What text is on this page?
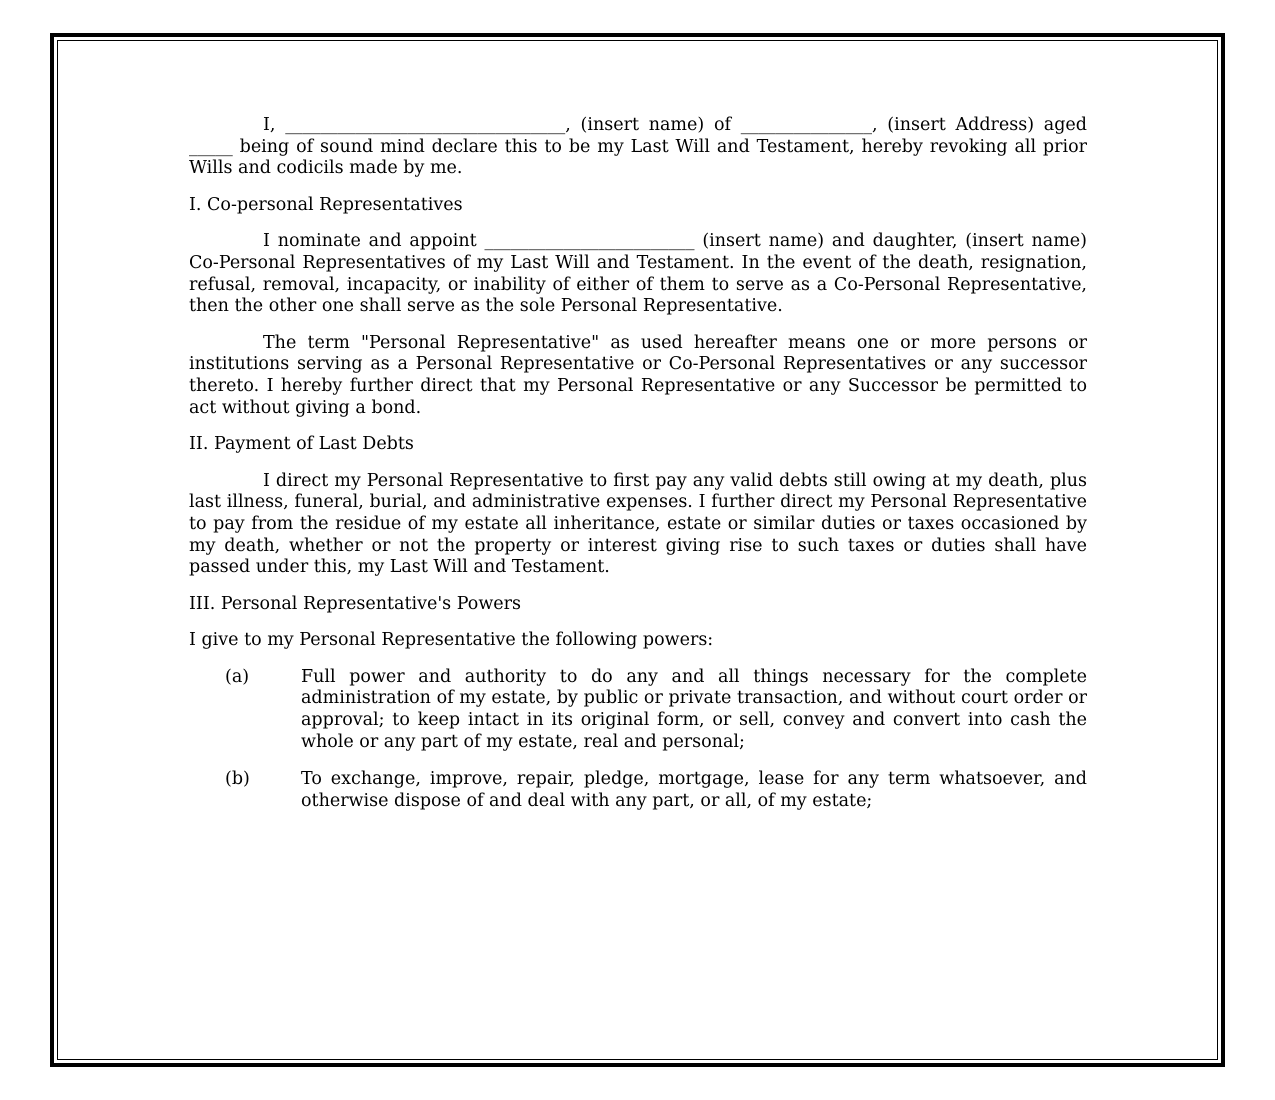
I, ________________________________, (insert name) of _______________, (insert Address) aged _____ being of sound mind declare this to be my Last Will and Testament, hereby revoking all prior Wills and codicils made by me.

I. Co-personal Representatives

I nominate and appoint ________________________ (insert name) and daughter, (insert name) Co-Personal Representatives of my Last Will and Testament. In the event of the death, resignation, refusal, removal, incapacity, or inability of either of them to serve as a Co-Personal Representative, then the other one shall serve as the sole Personal Representative.

The term "Personal Representative" as used hereafter means one or more persons or institutions serving as a Personal Representative or Co-Personal Representatives or any successor thereto. I hereby further direct that my Personal Representative or any Successor be permitted to act without giving a bond.

II. Payment of Last Debts

I direct my Personal Representative to first pay any valid debts still owing at my death, plus last illness, funeral, burial, and administrative expenses. I further direct my Personal Representative to pay from the residue of my estate all inheritance, estate or similar duties or taxes occasioned by my death, whether or not the property or interest giving rise to such taxes or duties shall have passed under this, my Last Will and Testament.

III. Personal Representative's Powers

I give to my Personal Representative the following powers:

(a)	Full power and authority to do any and all things necessary for the complete administration of my estate, by public or private transaction, and without court order or approval; to keep intact in its original form, or sell, convey and convert into cash the whole or any part of my estate, real and personal;
(b)	To exchange, improve, repair, pledge, mortgage, lease for any term whatsoever, and otherwise dispose of and deal with any part, or all, of my estate;
